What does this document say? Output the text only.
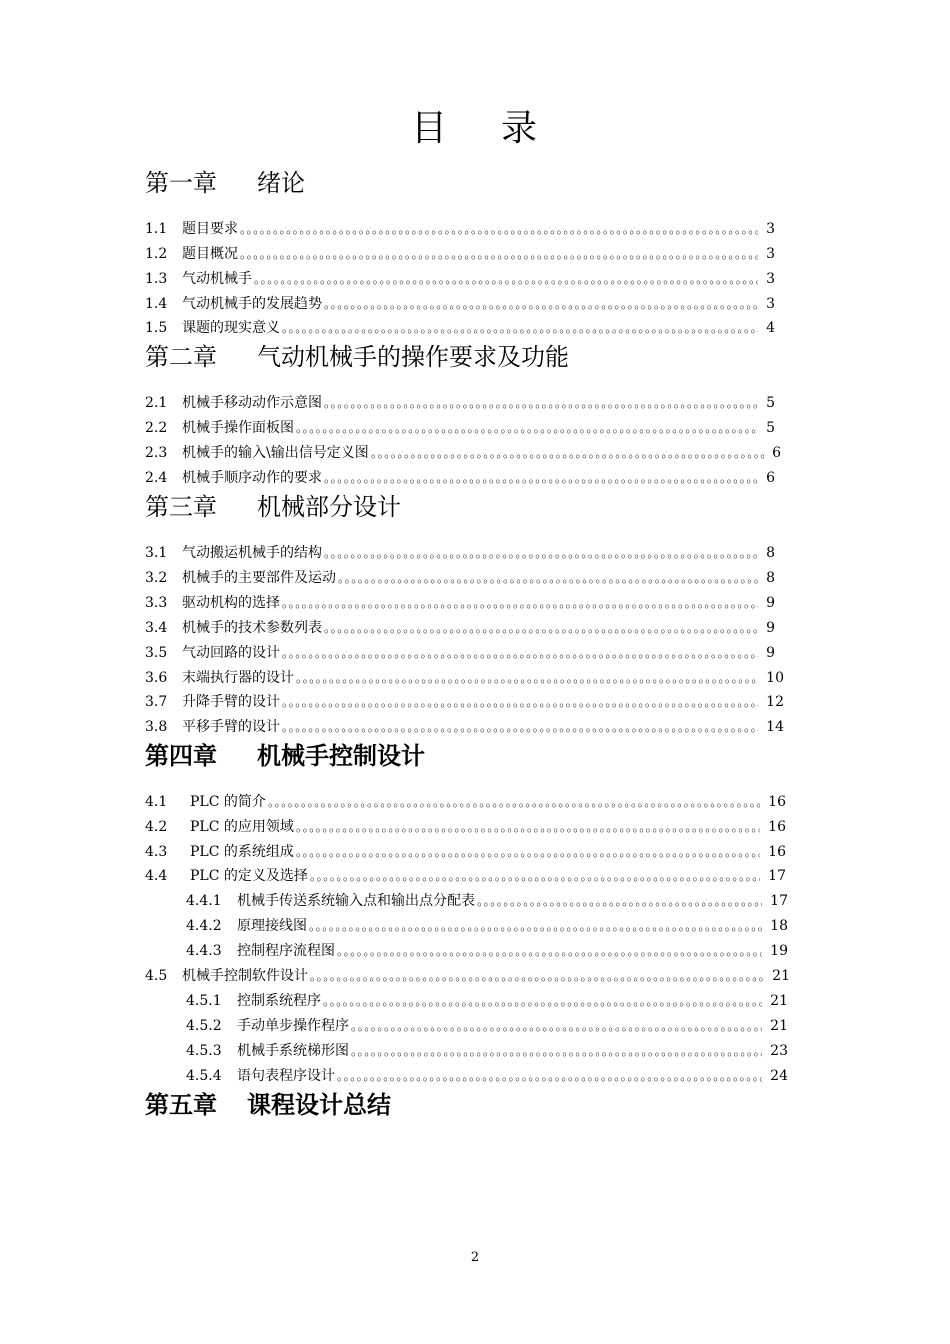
目 录
第一章 绪论
第二章 气动机械手的操作要求及功能
第三章 机械部分设计
第四章 机械手控制设计
第五章 课程设计总结
1.1 题目要求 。。。。。。。。。。。。。。。。。。。。。。。。。。。。。。。。。。。。。。。。。。。。。。。。。。。。。。。。。。。。。。。。。。。。。。。。。。。。。。。。。。。	3
1.2 题目概况 。。。。。。。。。。。。。。。。。。。。。。。。。。。。。。。。。。。。。。。。。。。。。。。。。。。。。。。。。。。。。。。。。。。。。。。。。。。。。。。。。。。	3
1.3 气动机械手 。。。。。。。。。。。。。。。。。。。。。。。。。。。。。。。。。。。。。。。。。。。。。。。。。。。。。。。。。。。。。。。。。。。。。。。。。。。。。。。。。。。	3
1.4 气动机械手的发展趋势 。。。。。。。。。。。。。。。。。。。。。。。。。。。。。。。。。。。。。。。。。。。。。。。。。。。。。。。。。。。。。。。。。。。。。。。。。。。。。。。。。。。	3
1.5 课题的现实意义 。。。。。。。。。。。。。。。。。。。。。。。。。。。。。。。。。。。。。。。。。。。。。。。。。。。。。。。。。。。。。。。。。。。。。。。。。。。。。。。。。。。	4
2.1 机械手移动动作示意图 。。。。。。。。。。。。。。。。。。。。。。。。。。。。。。。。。。。。。。。。。。。。。。。。。。。。。。。。。。。。。。。。。。。。。。。。。。。。。。。。。。。	5
2.2 机械手操作面板图 。。。。。。。。。。。。。。。。。。。。。。。。。。。。。。。。。。。。。。。。。。。。。。。。。。。。。。。。。。。。。。。。。。。。。。。。。。。。。。。。。。。	5
2.3 机械手的输入\输出信号定义图 。。。。。。。。。。。。。。。。。。。。。。。。。。。。。。。。。。。。。。。。。。。。。。。。。。。。。。。。。。。。。。。。。。。。。。。。。。。。。。。。。。。	6
2.4 机械手顺序动作的要求 。。。。。。。。。。。。。。。。。。。。。。。。。。。。。。。。。。。。。。。。。。。。。。。。。。。。。。。。。。。。。。。。。。。。。。。。。。。。。。。。。。。	6
3.1 气动搬运机械手的结构 。。。。。。。。。。。。。。。。。。。。。。。。。。。。。。。。。。。。。。。。。。。。。。。。。。。。。。。。。。。。。。。。。。。。。。。。。。。。。。。。。。。	8
3.2 机械手的主要部件及运动 。。。。。。。。。。。。。。。。。。。。。。。。。。。。。。。。。。。。。。。。。。。。。。。。。。。。。。。。。。。。。。。。。。。。。。。。。。。。。。。。。。。	8
3.3 驱动机构的选择 。。。。。。。。。。。。。。。。。。。。。。。。。。。。。。。。。。。。。。。。。。。。。。。。。。。。。。。。。。。。。。。。。。。。。。。。。。。。。。。。。。。	9
3.4 机械手的技术参数列表 。。。。。。。。。。。。。。。。。。。。。。。。。。。。。。。。。。。。。。。。。。。。。。。。。。。。。。。。。。。。。。。。。。。。。。。。。。。。。。。。。。。	9
3.5 气动回路的设计 。。。。。。。。。。。。。。。。。。。。。。。。。。。。。。。。。。。。。。。。。。。。。。。。。。。。。。。。。。。。。。。。。。。。。。。。。。。。。。。。。。。	9
3.6 末端执行器的设计 。。。。。。。。。。。。。。。。。。。。。。。。。。。。。。。。。。。。。。。。。。。。。。。。。。。。。。。。。。。。。。。。。。。。。。。。。。。。。。。。。。。	10
3.7 升降手臂的设计 。。。。。。。。。。。。。。。。。。。。。。。。。。。。。。。。。。。。。。。。。。。。。。。。。。。。。。。。。。。。。。。。。。。。。。。。。。。。。。。。。。。	12
3.8 平移手臂的设计 。。。。。。。。。。。。。。。。。。。。。。。。。。。。。。。。。。。。。。。。。。。。。。。。。。。。。。。。。。。。。。。。。。。。。。。。。。。。。。。。。。。	14
4.1 PLC 的简介 。。。。。。。。。。。。。。。。。。。。。。。。。。。。。。。。。。。。。。。。。。。。。。。。。。。。。。。。。。。。。。。。。。。。。。。。。。。。。。。。。。。	16
4.2 PLC 的应用领域 。。。。。。。。。。。。。。。。。。。。。。。。。。。。。。。。。。。。。。。。。。。。。。。。。。。。。。。。。。。。。。。。。。。。。。。。。。。。。。。。。。。	16
4.3 PLC 的系统组成 。。。。。。。。。。。。。。。。。。。。。。。。。。。。。。。。。。。。。。。。。。。。。。。。。。。。。。。。。。。。。。。。。。。。。。。。。。。。。。。。。。。	16
4.4 PLC 的定义及选择 。。。。。。。。。。。。。。。。。。。。。。。。。。。。。。。。。。。。。。。。。。。。。。。。。。。。。。。。。。。。。。。。。。。。。。。。。。。。。。。。。。。	17
4.4.1 机械手传送系统输入点和输出点分配表 。。。。。。。。。。。。。。。。。。。。。。。。。。。。。。。。。。。。。。。。。。。。。。。。。。。。。。。。。。。。。。。。。。。。。。。。。。。。。。。。。。。	17
4.4.2 原理接线图 。。。。。。。。。。。。。。。。。。。。。。。。。。。。。。。。。。。。。。。。。。。。。。。。。。。。。。。。。。。。。。。。。。。。。。。。。。。。。。。。。。。	18
4.4.3 控制程序流程图 。。。。。。。。。。。。。。。。。。。。。。。。。。。。。。。。。。。。。。。。。。。。。。。。。。。。。。。。。。。。。。。。。。。。。。。。。。。。。。。。。。。	19
4.5 机械手控制软件设计 。。。。。。。。。。。。。。。。。。。。。。。。。。。。。。。。。。。。。。。。。。。。。。。。。。。。。。。。。。。。。。。。。。。。。。。。。。。。。。。。。。。	21
4.5.1 控制系统程序 。。。。。。。。。。。。。。。。。。。。。。。。。。。。。。。。。。。。。。。。。。。。。。。。。。。。。。。。。。。。。。。。。。。。。。。。。。。。。。。。。。。	21
4.5.2 手动单步操作程序 。。。。。。。。。。。。。。。。。。。。。。。。。。。。。。。。。。。。。。。。。。。。。。。。。。。。。。。。。。。。。。。。。。。。。。。。。。。。。。。。。。。	21
4.5.3 机械手系统梯形图 。。。。。。。。。。。。。。。。。。。。。。。。。。。。。。。。。。。。。。。。。。。。。。。。。。。。。。。。。。。。。。。。。。。。。。。。。。。。。。。。。。。	23
4.5.4 语句表程序设计 。。。。。。。。。。。。。。。。。。。。。。。。。。。。。。。。。。。。。。。。。。。。。。。。。。。。。。。。。。。。。。。。。。。。。。。。。。。。。。。。。。。	24
2
